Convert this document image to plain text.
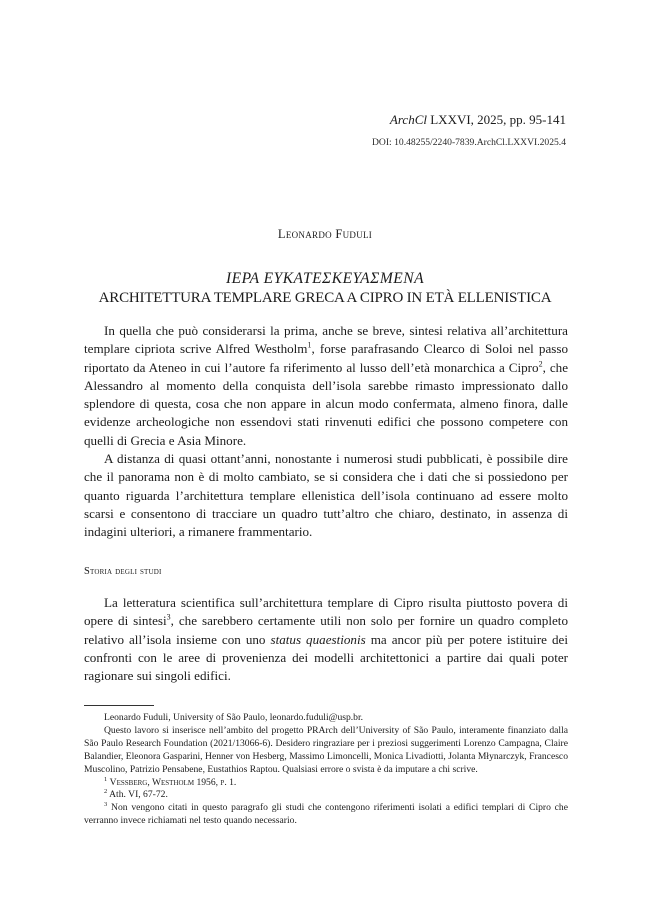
ArchCl LXXVI, 2025, pp. 95-141
DOI: 10.48255/2240-7839.ArchCl.LXXVI.2025.4
Leonardo Fuduli
ΙΕΡΑ ΕΥΚΑΤΕΣΚΕΥΑΣΜΕΝΑ
ARCHITETTURA TEMPLARE GRECA A CIPRO IN ETÀ ELLENISTICA

In quella che può considerarsi la prima, anche se breve, sintesi relativa all’architettura templare cipriota scrive Alfred Westholm$^1$, forse parafrasando Clearco di Soloi nel passo riportato da Ateneo in cui l’autore fa riferimento al lusso dell’età monarchica a Cipro$^2$, che Alessandro al momento della conquista dell’isola sarebbe rimasto impressionato dallo splendore di questa, cosa che non appare in alcun modo confermata, almeno finora, dalle evidenze archeologiche non essendovi stati rinvenuti edifici che possono competere con quelli di Grecia e Asia Minore.

A distanza di quasi ottant’anni, nonostante i numerosi studi pubblicati, è possibile dire che il panorama non è di molto cambiato, se si considera che i dati che si possiedono per quanto riguarda l’architettura templare ellenistica dell’isola continuano ad essere molto scarsi e consentono di tracciare un quadro tutt’altro che chiaro, destinato, in assenza di indagini ulteriori, a rimanere frammentario.

Storia degli studi

La letteratura scientifica sull’architettura templare di Cipro risulta piuttosto povera di opere di sintesi$^3$, che sarebbero certamente utili non solo per fornire un quadro completo relativo all’isola insieme con uno status quaestionis ma ancor più per potere istituire dei confronti con le aree di provenienza dei modelli architettonici a partire dai quali poter ragionare sui singoli edifici.

Leonardo Fuduli, University of São Paulo, leonardo.fuduli@usp.br.

Questo lavoro si inserisce nell’ambito del progetto PRArch dell’University of São Paulo, interamente finanziato dalla São Paulo Research Foundation (2021/13066-6). Desidero ringraziare per i preziosi suggerimenti Lorenzo Campagna, Claire Balandier, Eleonora Gasparini, Henner von Hesberg, Massimo Limoncelli, Monica Livadiotti, Jolanta Młynarczyk, Francesco Muscolino, Patrizio Pensabene, Eustathios Raptou. Qualsiasi errore o svista è da imputare a chi scrive.

$^1$ Vessberg, Westholm 1956, p. 1.

$^2$ Ath. VI, 67-72.

$^3$ Non vengono citati in questo paragrafo gli studi che contengono riferimenti isolati a edifici templari di Cipro che verranno invece richiamati nel testo quando necessario.
